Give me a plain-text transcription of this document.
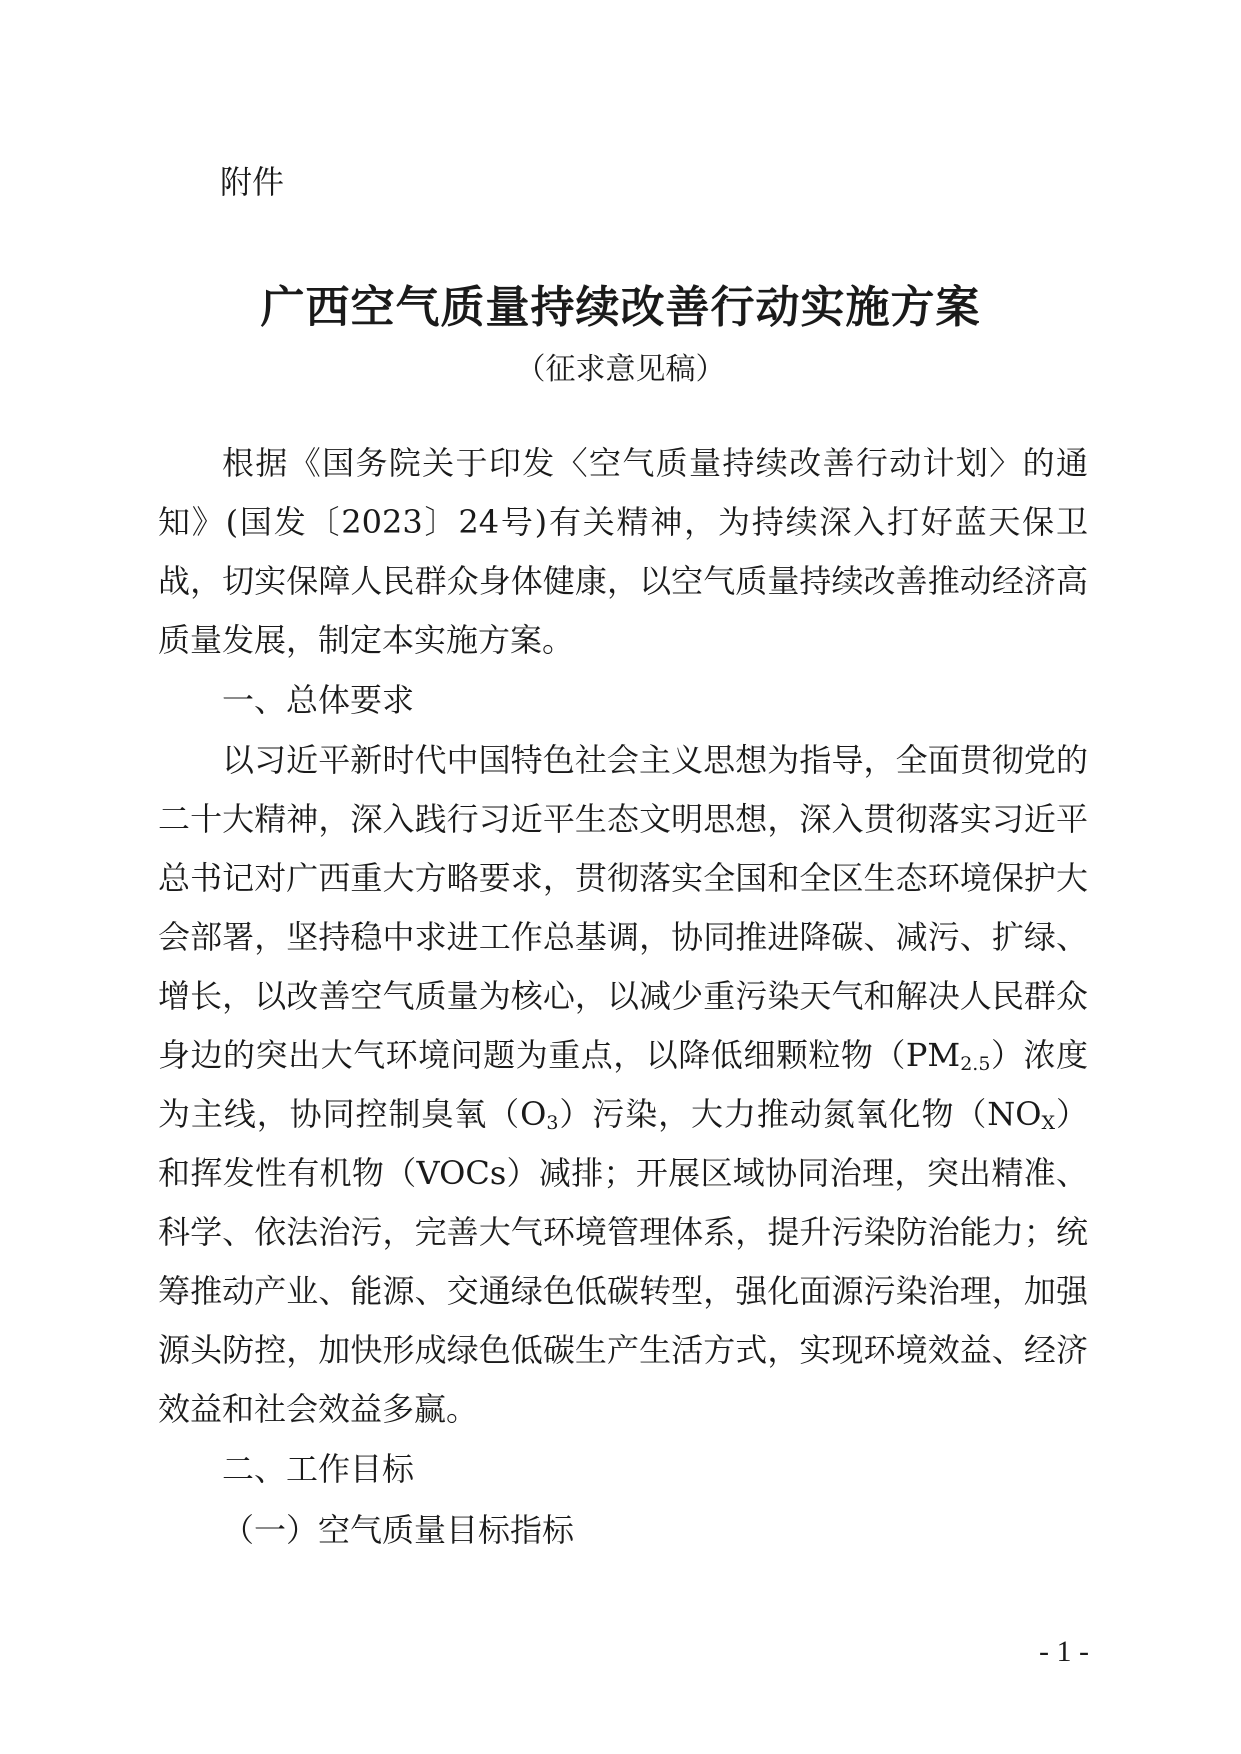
附件

广西空气质量持续改善行动实施方案

（征求意见稿）

根据《国务院关于印发〈空气质量持续改善行动计划〉的通知》(国发〔2023〕24号)有关精神，为持续深入打好蓝天保卫战，切实保障人民群众身体健康，以空气质量持续改善推动经济高质量发展，制定本实施方案。

一、总体要求

以习近平新时代中国特色社会主义思想为指导，全面贯彻党的二十大精神，深入践行习近平生态文明思想，深入贯彻落实习近平总书记对广西重大方略要求，贯彻落实全国和全区生态环境保护大会部署，坚持稳中求进工作总基调，协同推进降碳、减污、扩绿、增长，以改善空气质量为核心，以减少重污染天气和解决人民群众身边的突出大气环境问题为重点，以降低细颗粒物$(PM_{2.5})$浓度为主线，协同控制臭氧$(O_3)$污染，大力推动氮氧化物$(NO_X)$和挥发性有机物（VOCs）减排；开展区域协同治理，突出精准、科学、依法治污，完善大气环境管理体系，提升污染防治能力；统筹推动产业、能源、交通绿色低碳转型，强化面源污染治理，加强源头防控，加快形成绿色低碳生产生活方式，实现环境效益、经济效益和社会效益多赢。

二、工作目标

（一）空气质量目标指标

- 1 -
